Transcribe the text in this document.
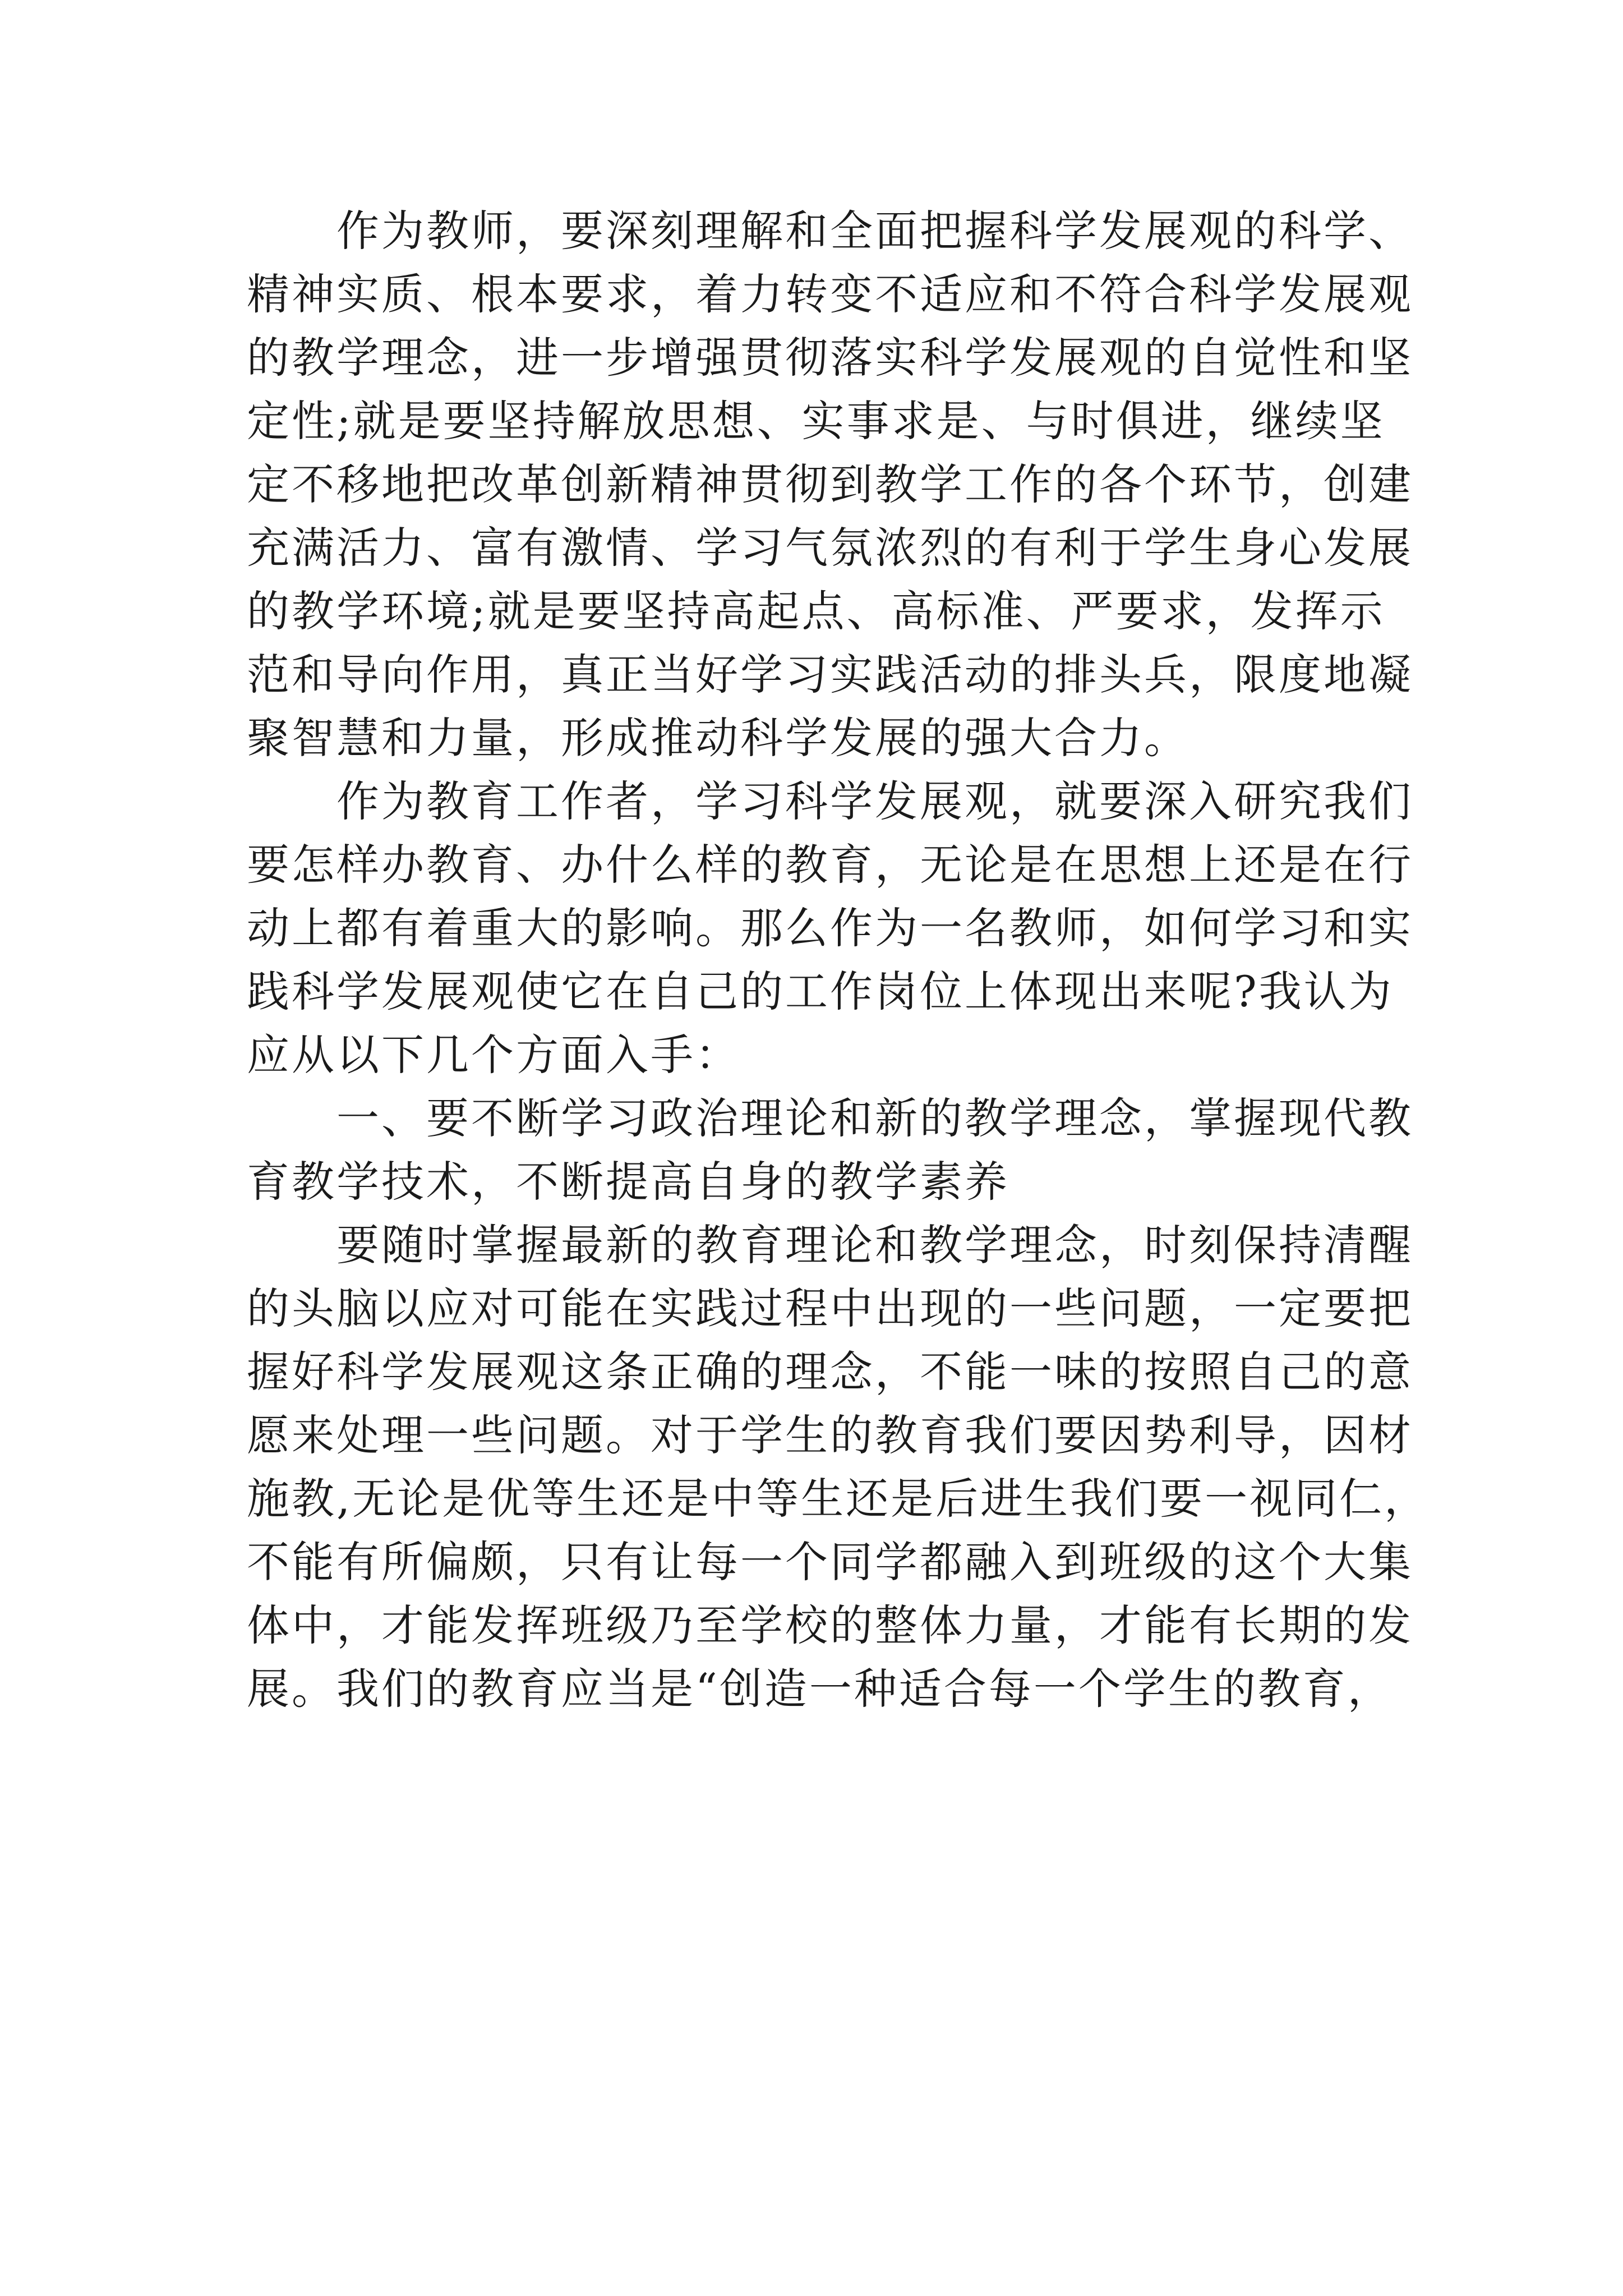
作为教师，要深刻理解和全面把握科学发展观的科学、
精神实质、根本要求，着力转变不适应和不符合科学发展观
的教学理念，进一步增强贯彻落实科学发展观的自觉性和坚
定性;就是要坚持解放思想、实事求是、与时俱进，继续坚
定不移地把改革创新精神贯彻到教学工作的各个环节，创建
充满活力、富有激情、学习气氛浓烈的有利于学生身心发展
的教学环境;就是要坚持高起点、高标准、严要求，发挥示
范和导向作用，真正当好学习实践活动的排头兵，限度地凝
聚智慧和力量，形成推动科学发展的强大合力。
作为教育工作者，学习科学发展观，就要深入研究我们
要怎样办教育、办什么样的教育，无论是在思想上还是在行
动上都有着重大的影响。那么作为一名教师，如何学习和实
践科学发展观使它在自己的工作岗位上体现出来呢?我认为
应从以下几个方面入手：
一、要不断学习政治理论和新的教学理念，掌握现代教
育教学技术，不断提高自身的教学素养
要随时掌握最新的教育理论和教学理念，时刻保持清醒
的头脑以应对可能在实践过程中出现的一些问题，一定要把
握好科学发展观这条正确的理念，不能一味的按照自己的意
愿来处理一些问题。对于学生的教育我们要因势利导，因材
施教,无论是优等生还是中等生还是后进生我们要一视同仁，
不能有所偏颇，只有让每一个同学都融入到班级的这个大集
体中，才能发挥班级乃至学校的整体力量，才能有长期的发
展。我们的教育应当是“创造一种适合每一个学生的教育，
